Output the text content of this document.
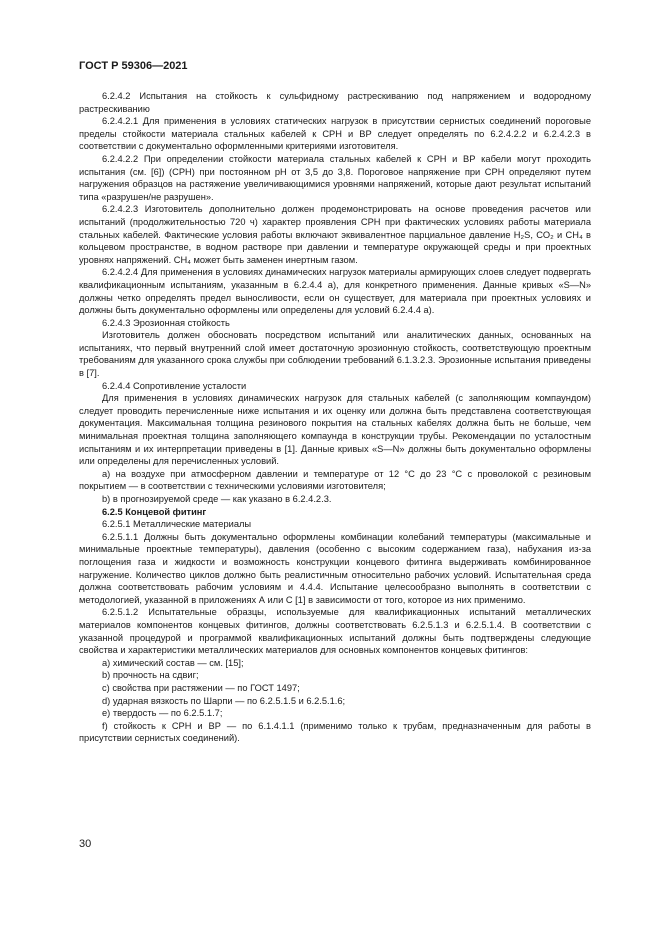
ГОСТ Р 59306—2021

6.2.4.2 Испытания на стойкость к сульфидному растрескиванию под напряжением и водородному растрескиванию

6.2.4.2.1 Для применения в условиях статических нагрузок в присутствии сернистых соединений пороговые пределы стойкости материала стальных кабелей к СРН и ВР следует определять по 6.2.4.2.2 и 6.2.4.2.3 в соответствии с документально оформленными критериями изготовителя.

6.2.4.2.2 При определении стойкости материала стальных кабелей к СРН и ВР кабели могут проходить испытания (см. [6]) (СРН) при постоянном рН от 3,5 до 3,8. Пороговое напряжение при СРН определяют путем нагружения образцов на растяжение увеличивающимися уровнями напряжений, которые дают результат испытаний типа «разрушен/не разрушен».

6.2.4.2.3 Изготовитель дополнительно должен продемонстрировать на основе проведения расчетов или испытаний (продолжительностью 720 ч) характер проявления СРН при фактических условиях работы материала стальных кабелей. Фактические условия работы включают эквивалентное парциальное давление H₂S, CO₂ и CH₄ в кольцевом пространстве, в водном растворе при давлении и температуре окружающей среды и при проектных уровнях напряжений. CH₄ может быть заменен инертным газом.

6.2.4.2.4 Для применения в условиях динамических нагрузок материалы армирующих слоев следует подвергать квалификационным испытаниям, указанным в 6.2.4.4 а), для конкретного применения. Данные кривых «S—N» должны четко определять предел выносливости, если он существует, для материала при проектных условиях и должны быть документально оформлены или определены для условий 6.2.4.4 а).

6.2.4.3 Эрозионная стойкость

Изготовитель должен обосновать посредством испытаний или аналитических данных, основанных на испытаниях, что первый внутренний слой имеет достаточную эрозионную стойкость, соответствующую проектным требованиям для указанного срока службы при соблюдении требований 6.1.3.2.3. Эрозионные испытания приведены в [7].

6.2.4.4 Сопротивление усталости

Для применения в условиях динамических нагрузок для стальных кабелей (с заполняющим компаундом) следует проводить перечисленные ниже испытания и их оценку или должна быть представлена соответствующая документация. Максимальная толщина резинового покрытия на стальных кабелях должна быть не больше, чем минимальная проектная толщина заполняющего компаунда в конструкции трубы. Рекомендации по усталостным испытаниям и их интерпретации приведены в [1]. Данные кривых «S—N» должны быть документально оформлены или определены для перечисленных условий.

а) на воздухе при атмосферном давлении и температуре от 12 °С до 23 °С с проволокой с резиновым покрытием — в соответствии с техническими условиями изготовителя;

b) в прогнозируемой среде — как указано в 6.2.4.2.3.

6.2.5 Концевой фитинг

6.2.5.1 Металлические материалы

6.2.5.1.1 Должны быть документально оформлены комбинации колебаний температуры (максимальные и минимальные проектные температуры), давления (особенно с высоким содержанием газа), набухания из-за поглощения газа и жидкости и возможность конструкции концевого фитинга выдерживать комбинированное нагружение. Количество циклов должно быть реалистичным относительно рабочих условий. Испытательная среда должна соответствовать рабочим условиям и 4.4.4. Испытание целесообразно выполнять в соответствии с методологией, указанной в приложениях А или С [1] в зависимости от того, которое из них применимо.

6.2.5.1.2 Испытательные образцы, используемые для квалификационных испытаний металлических материалов компонентов концевых фитингов, должны соответствовать 6.2.5.1.3 и 6.2.5.1.4. В соответствии с указанной процедурой и программой квалификационных испытаний должны быть подтверждены следующие свойства и характеристики металлических материалов для основных компонентов концевых фитингов:

а) химический состав — см. [15];

b) прочность на сдвиг;

с) свойства при растяжении — по ГОСТ 1497;

d) ударная вязкость по Шарпи — по 6.2.5.1.5 и 6.2.5.1.6;

е) твердость — по 6.2.5.1.7;

f) стойкость к СРН и ВР — по 6.1.4.1.1 (применимо только к трубам, предназначенным для работы в присутствии сернистых соединений).

30
